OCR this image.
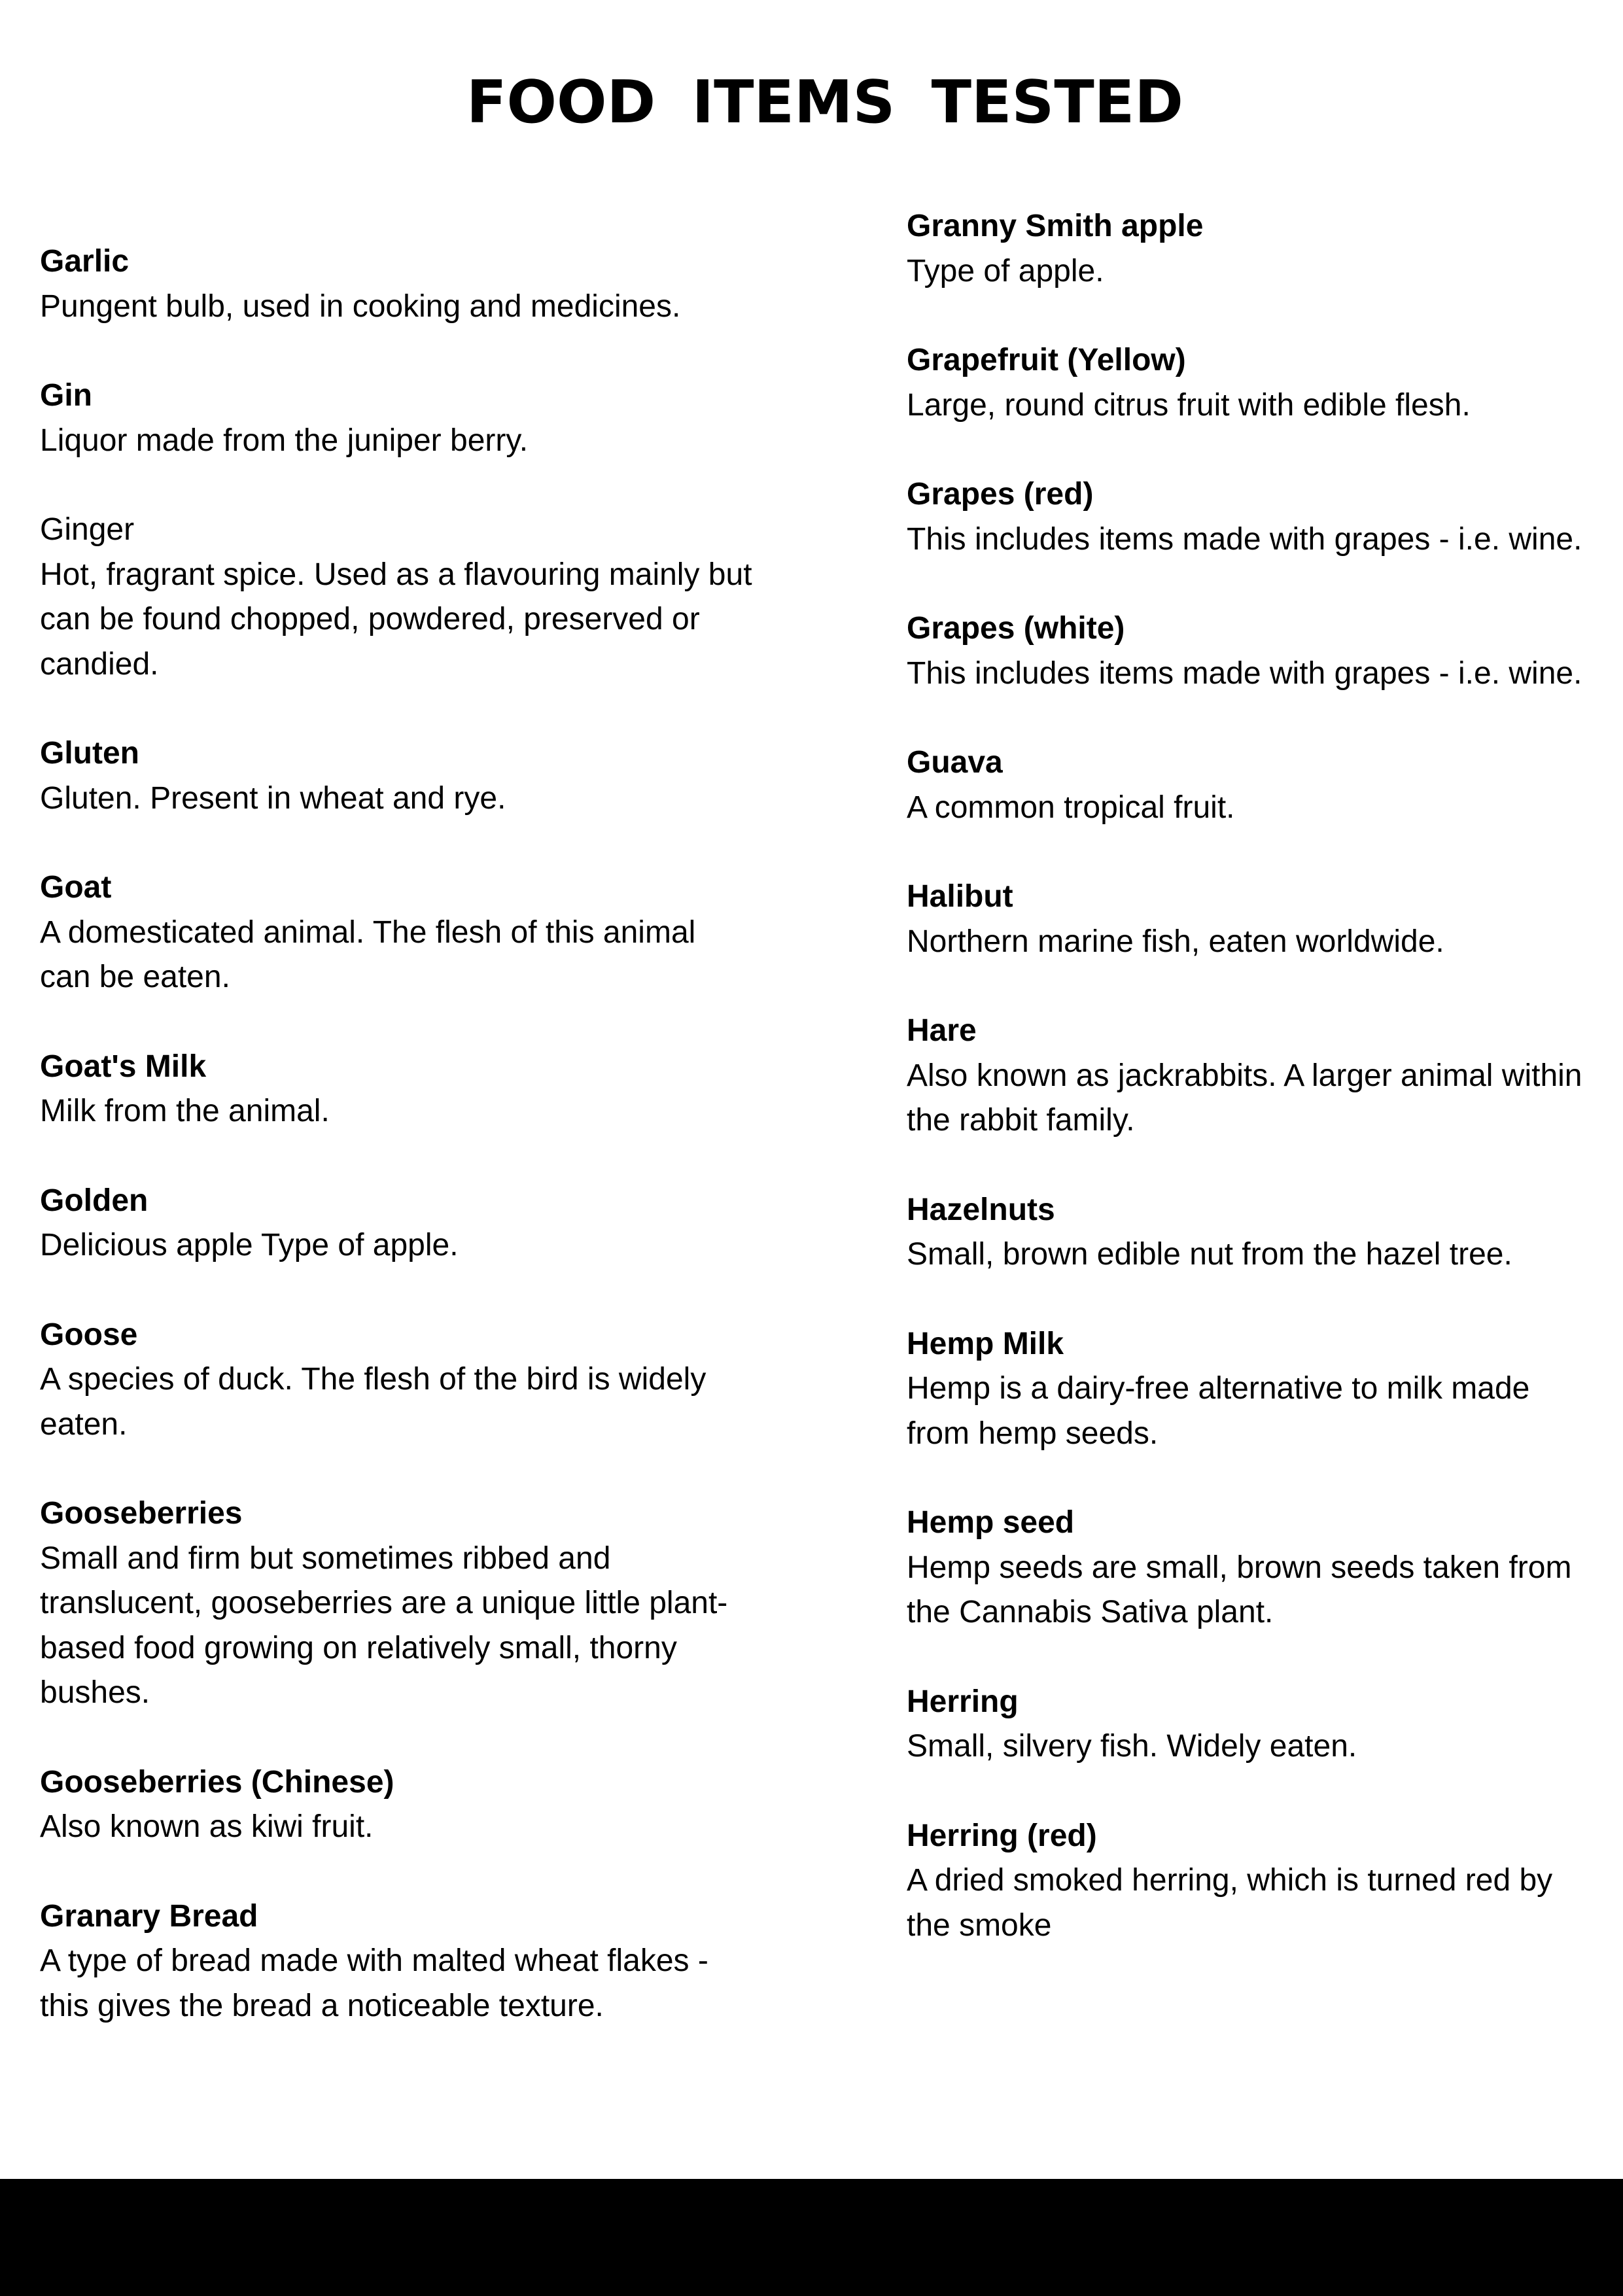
FOOD ITEMS TESTED

Garlic

Pungent bulb, used in cooking and medicines.

Gin

Liquor made from the juniper berry.

Ginger

Hot, fragrant spice. Used as a flavouring mainly but can be found chopped, powdered, preserved or candied.

Gluten

Gluten. Present in wheat and rye.

Goat

A domesticated animal. The flesh of this animal can be eaten.

Goat's Milk

Milk from the animal.

Golden

Delicious apple Type of apple.

Goose

A species of duck. The flesh of the bird is widely eaten.

Gooseberries

Small and firm but sometimes ribbed and translucent, gooseberries are a unique little plant-based food growing on relatively small, thorny bushes.

Gooseberries (Chinese)

Also known as kiwi fruit.

Granary Bread

A type of bread made with malted wheat flakes - this gives the bread a noticeable texture.

Granny Smith apple

Type of apple.

Grapefruit (Yellow)

Large, round citrus fruit with edible flesh.

Grapes (red)

This includes items made with grapes - i.e. wine.

Grapes (white)

This includes items made with grapes - i.e. wine.

Guava

A common tropical fruit.

Halibut

Northern marine fish, eaten worldwide.

Hare

Also known as jackrabbits. A larger animal within the rabbit family.

Hazelnuts

Small, brown edible nut from the hazel tree.

Hemp Milk

Hemp is a dairy-free alternative to milk made from hemp seeds.

Hemp seed

Hemp seeds are small, brown seeds taken from the Cannabis Sativa plant.

Herring

Small, silvery fish. Widely eaten.

Herring (red)

A dried smoked herring, which is turned red by the smoke
